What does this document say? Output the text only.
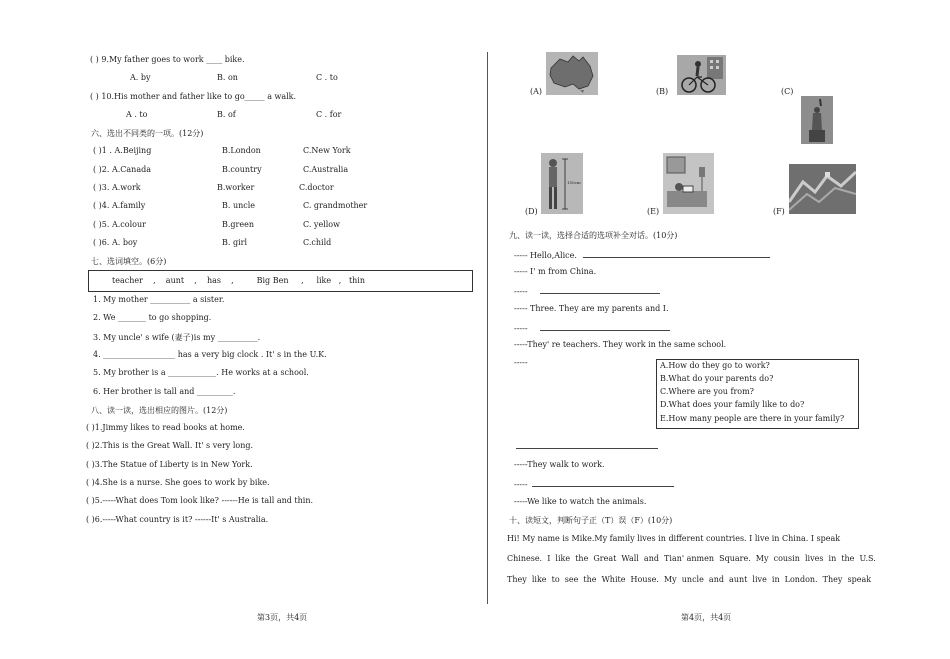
( ) 9.My father goes to work ____ bike.
A. by	B. on	C . to
( ) 10.His mother and father like to go_____ a walk.
A . to	B. of	C . for
六、选出不同类的一项。(12分)
( )1 . A.Beijing	B.London	C.New York
( )2. A.Canada	B.country	C.Australia
( )3. A.work	B.worker	C.doctor
( )4. A.family	B. uncle	C. grandmother
( )5. A.colour	B.green	C. yellow
( )6. A. boy	B. girl	C.child
七、选词填空。(6分)
teacher    ,    aunt    ,    has    ,         Big Ben     ,     like   ,   thin
1. My mother __________ a sister.
2. We _______ to go shopping.
3. My uncle' s wife (妻子)is my __________.
4. __________________ has a very big clock . It' s in the U.K.
5. My brother is a ____________. He works at a school.
6. Her brother is tall and _________.
八、读一读，选出相应的图片。(12分)
( )1.Jimmy likes to read books at home.
( )2.This is the Great Wall. It' s very long.
( )3.The Statue of Liberty is in New York.
( )4.She is a nurse. She goes to work by bike.
( )5.-----What does Tom look like? ------He is tall and thin.
( )6.-----What country is it? ------It' s Australia.
第3页，共4页
(A)	(B)	(C)
150cm
(D)	(E)	(F)
九、读一读，选择合适的选项补全对话。(10分)
----- Hello,Alice.
----- I' m from China.
-----
----- Three. They are my parents and I.
-----
-----They' re teachers. They work in the same school.
-----	A.How do they go to work?
B.What do your parents do?
C.Where are you from?
D.What does your family like to do?
E.How many people are there in your family?
-----They walk to work.
-----
-----We like to watch the animals.
十、读短文，判断句子正（T）误（F）(10分)
Hi! My name is Mike.My family lives in different countries. I live in China. I speak
Chinese.  I  like  the  Great  Wall  and  Tian' anmen  Square.  My  cousin  lives  in  the  U.S.
They  like  to  see  the  White  House.  My  uncle  and  aunt  live  in  London.  They  speak
第4页，共4页
